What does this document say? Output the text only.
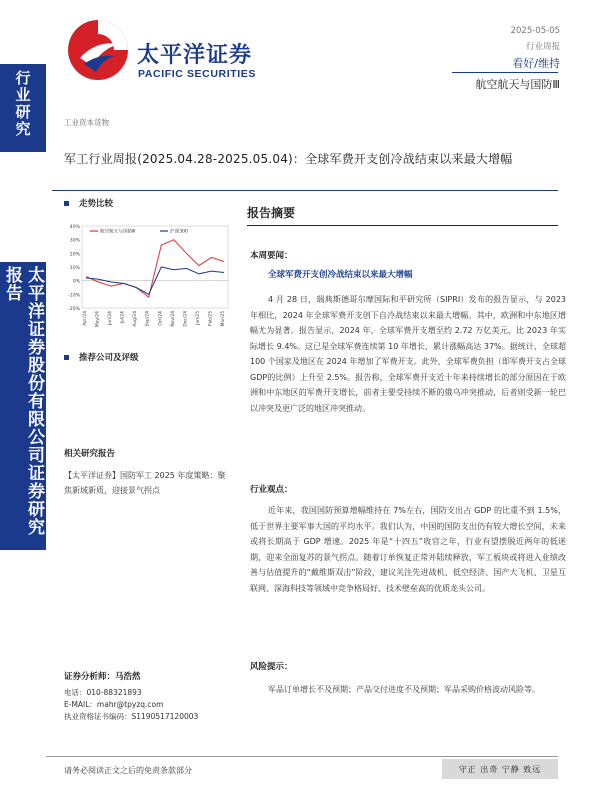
行业研究
太平洋证券股份有限公司证券研究报告
太平洋证券
PACIFIC SECURITIES
2025-05-05
行业周报
看好/维持
航空航天与国防Ⅲ
工业资本货物
军工行业周报(2025.04.28-2025.05.04)：全球军费开支创冷战结束以来最大增幅
走势比较
40%
30%
20%
10%
0%
-10%
-20%
Apr/24 May/24 Jun/24 Jul/24 Aug/24 Sep/24 Oct/24 Nov/24 Dec/24 Jan/25 Feb/25 Mar/25
航空航天与国防Ⅲ	沪深300
推荐公司及评级
相关研究报告
【太平洋证券】国防军工 2025 年度策略：聚焦新域新质，迎接景气拐点
证券分析师：马浩然
电话：010-88321893
E-MAIL：mahr@tpyzq.com
执业资格证书编码：S1190517120003
报告摘要
本周要闻：
全球军费开支创冷战结束以来最大增幅
4 月 28 日，瑞典斯德哥尔摩国际和平研究所（SIPRI）发布的报告显示，与 2023 年相比，2024 年全球军费开支创下自冷战结束以来最大增幅。其中，欧洲和中东地区增幅尤为显著。报告显示，2024 年，全球军费开支增至约 2.72 万亿美元，比 2023 年实际增长 9.4%。这已是全球军费连续第 10 年增长，累计涨幅高达 37%。据统计，全球超 100 个国家及地区在 2024 年增加了军费开支。此外，全球军费负担（即军费开支占全球GDP的比例）上升至 2.5%。报告称，全球军费开支近十年来持续增长的部分原因在于欧洲和中东地区的军费开支增长，前者主要受持续不断的俄乌冲突推动，后者则受新一轮巴以冲突及更广泛的地区冲突推动。
行业观点：
近年来，我国国防预算增幅维持在 7%左右，国防支出占 GDP 的比重不到 1.5%，低于世界主要军事大国的平均水平。我们认为，中国的国防支出仍有较大增长空间，未来或将长期高于 GDP 增速。2025 年是“十四五”收官之年，行业有望摆脱近两年的低迷期，迎来全面复苏的景气拐点。随着订单恢复正常并陆续释放，军工板块或将进入业绩改善与估值提升的“戴维斯双击”阶段，建议关注先进战机、低空经济、国产大飞机、卫星互联网、深海科技等领域中竞争格局好、技术壁垒高的优质龙头公司。
风险提示：
军品订单增长不及预期；产品交付进度不及预期；军品采购价格波动风险等。
请务必阅读正文之后的免责条款部分	守正 出奇 宁静 致远
